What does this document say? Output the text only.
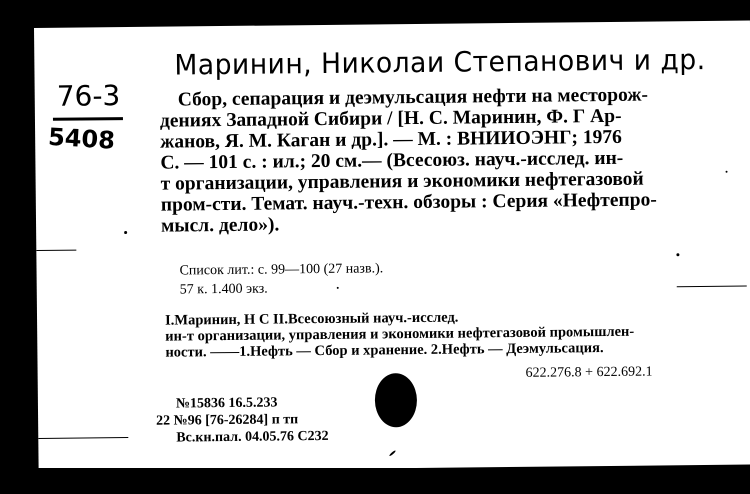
Маринин, Николаи Степанович и др.
76-3
5408
Сбор, сепарация и деэмульсация нефти на месторож-
дениях Западной Сибири / [Н. С. Маринин, Ф. Г Ар-
жанов, Я. М. Каган и др.]. — М. : ВНИИОЭНГ; 1976
С. — 101 с. : ил.; 20 см.— (Всесоюз. науч.-исслед. ин-
т организации, управления и экономики нефтегазовой
пром-сти. Темат. науч.-техн. обзоры : Серия «Нефтепро-
мысл. дело»).
Список лит.: с. 99—100 (27 назв.).
57 к. 1.400 экз.
I.Маринин, Н С II.Всесоюзный науч.-исслед.
ин-т организации, управления и экономики нефтегазовой промышлен-
ности. ——1.Нефть — Сбор и хранение. 2.Нефть — Деэмульсация.
622.276.8 + 622.692.1
№15836 16.5.233
22 №96 [76-26284] п тп
Вс.кн.пал. 04.05.76 С232
